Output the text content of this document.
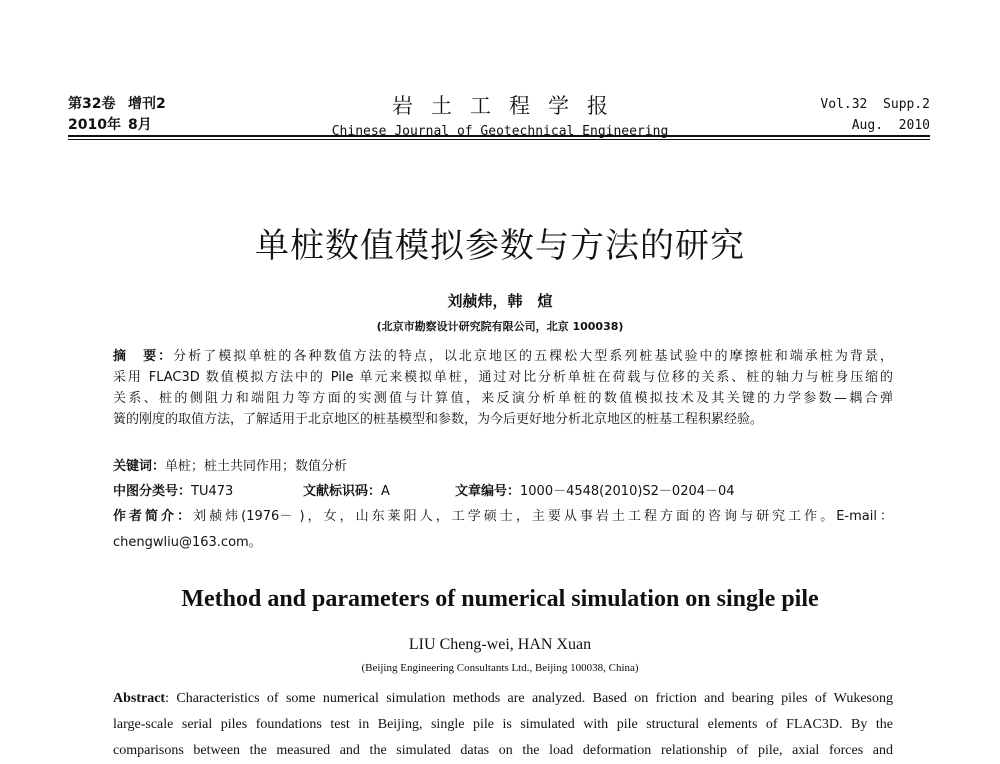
第32卷 增刊2
2010年 8月
岩土工程学报
Chinese Journal of Geotechnical Engineering
Vol.32  Supp.2
Aug.  2010
单桩数值模拟参数与方法的研究
刘赪炜，韩　煊
(北京市勘察设计研究院有限公司，北京 100038)
摘　要：分析了模拟单桩的各种数值方法的特点，以北京地区的五棵松大型系列桩基试验中的摩擦桩和端承桩为背景，
采用 FLAC3D 数值模拟方法中的 Pile 单元来模拟单桩，通过对比分析单桩在荷载与位移的关系、桩的轴力与桩身压缩的
关系、桩的侧阻力和端阻力等方面的实测值与计算值，来反演分析单桩的数值模拟技术及其关键的力学参数—耦合弹
簧的刚度的取值方法，了解适用于北京地区的桩基模型和参数，为今后更好地分析北京地区的桩基工程积累经验。
关键词：单桩；桩土共同作用；数值分析
中图分类号：TU473	文献标识码：A	文章编号：1000－4548(2010)S2－0204－04
作者简介：刘赪炜(1976－ )，女，山东莱阳人，工学硕士，主要从事岩土工程方面的咨询与研究工作。E-mail：
chengwliu@163.com。
Method and parameters of numerical simulation on single pile
LIU Cheng-wei, HAN Xuan
(Beijing Engineering Consultants Ltd., Beijing 100038, China)
Abstract: Characteristics of some numerical simulation methods are analyzed. Based on friction and bearing piles of Wukesong
large-scale serial piles foundations test in Beijing, single pile is simulated with pile structural elements of FLAC3D. By the
comparisons between the measured and the simulated datas on the load deformation relationship of pile, axial forces and
